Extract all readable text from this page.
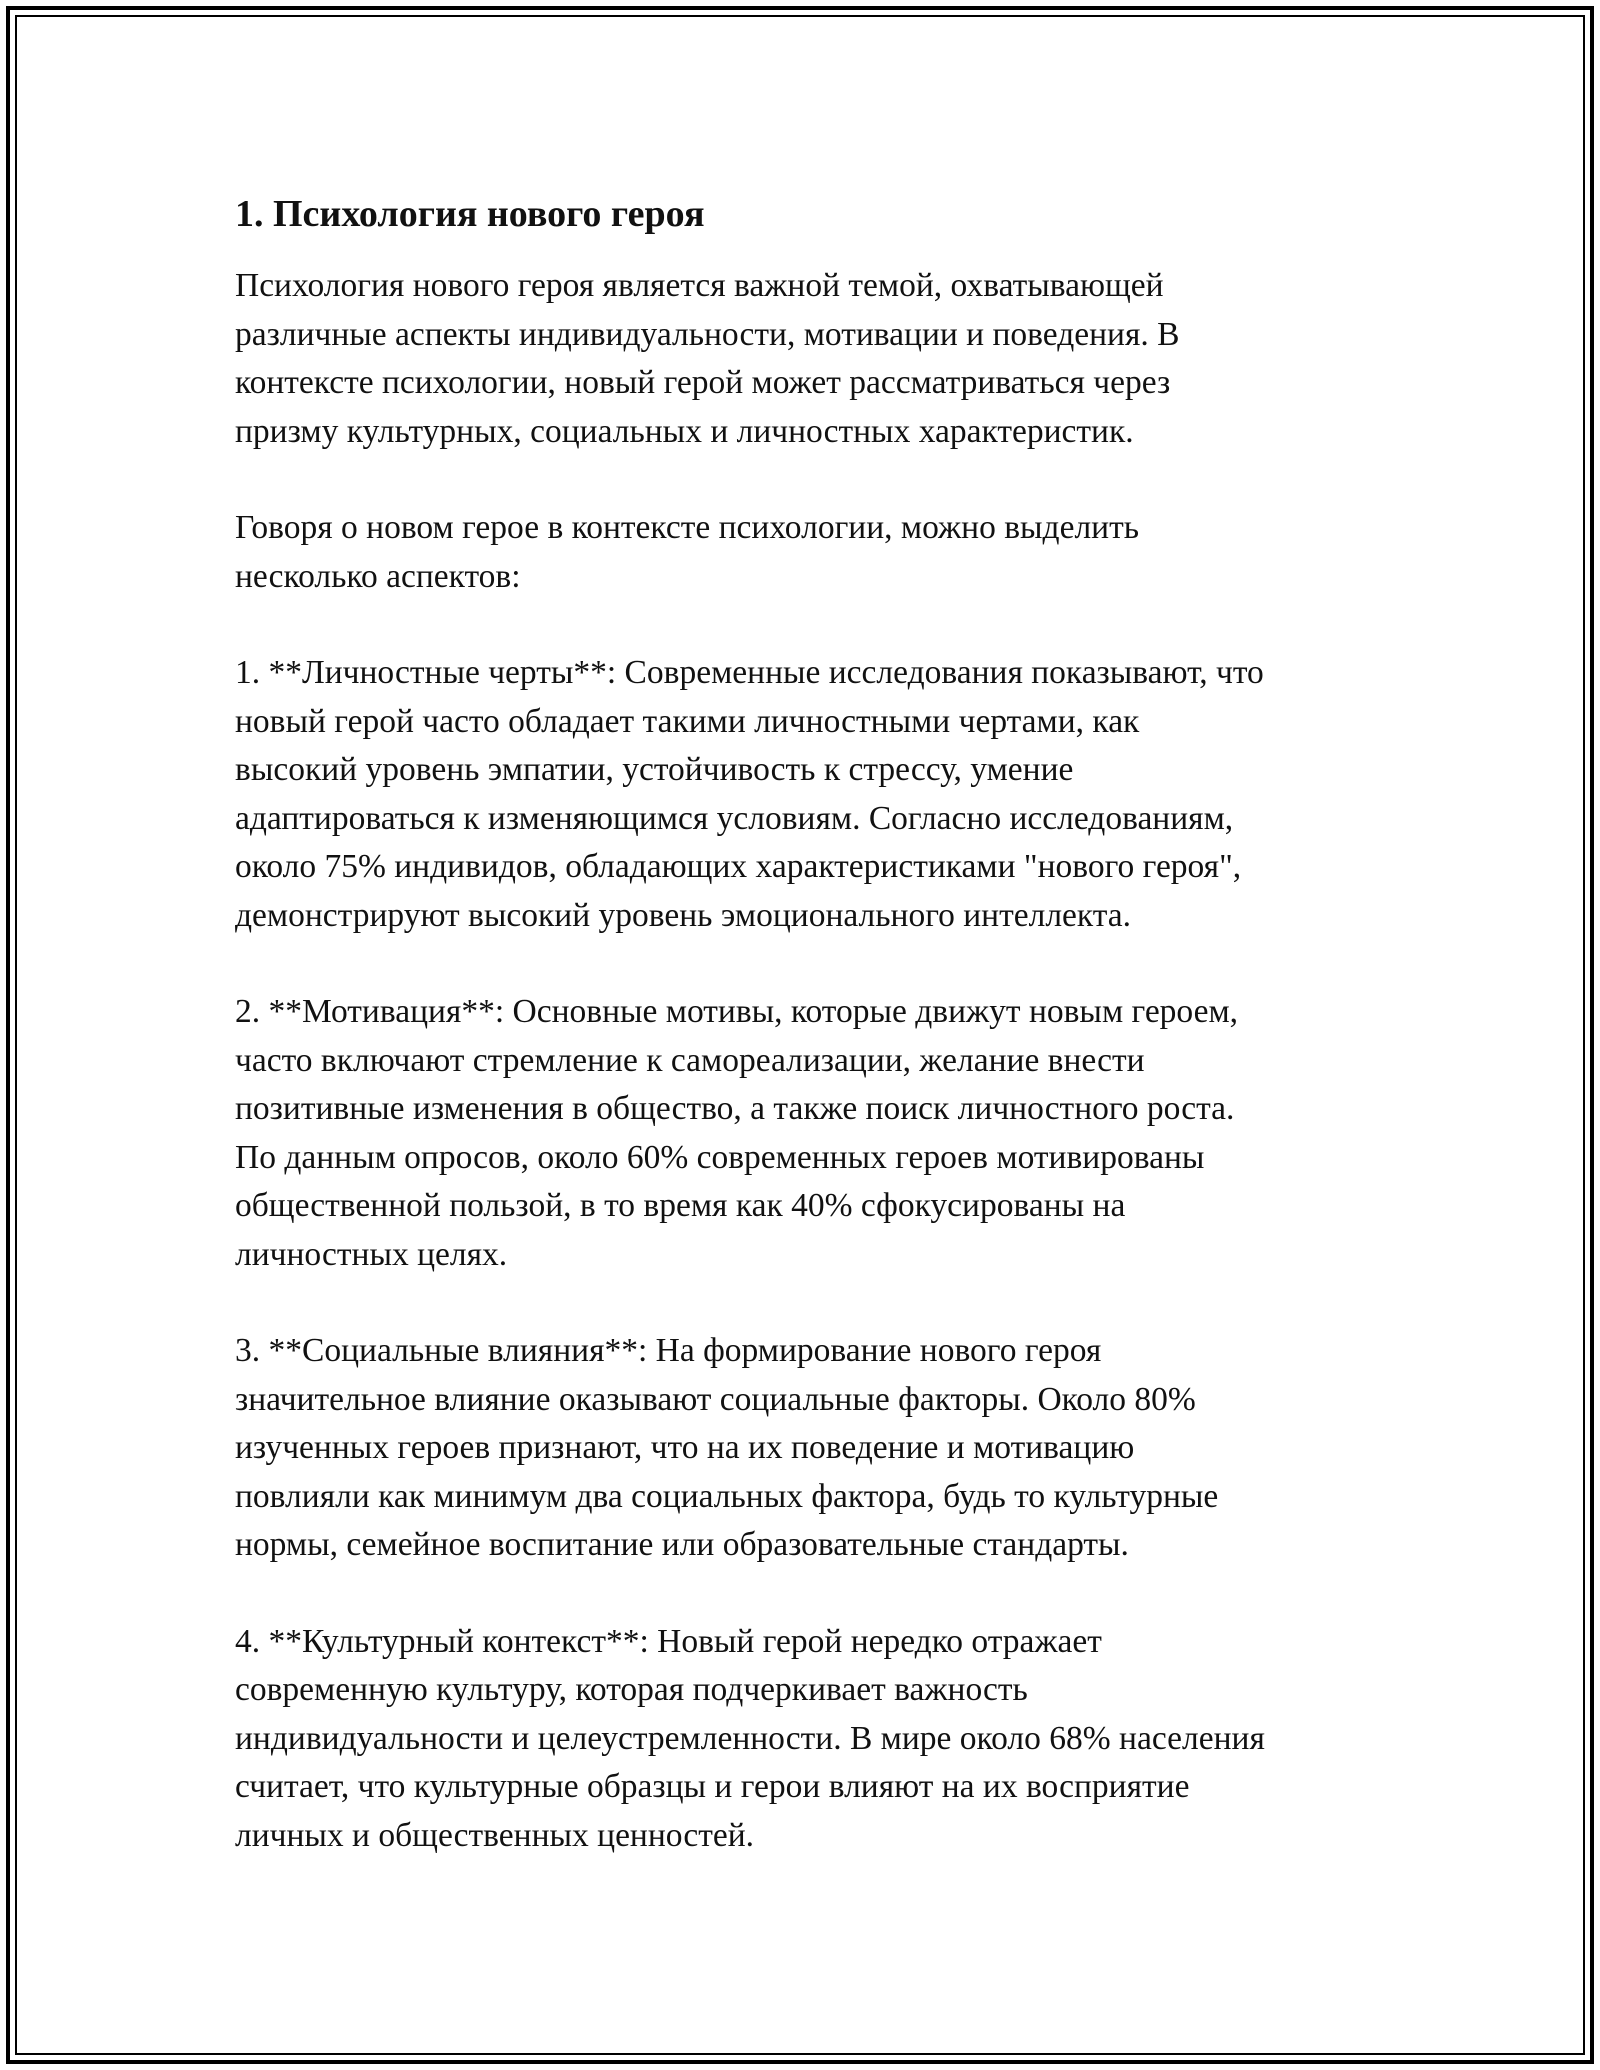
1. Психология нового героя

Психология нового героя является важной темой, охватывающей
различные аспекты индивидуальности, мотивации и поведения. В
контексте психологии, новый герой может рассматриваться через
призму культурных, социальных и личностных характеристик.

Говоря о новом герое в контексте психологии, можно выделить
несколько аспектов:

1. **Личностные черты**: Современные исследования показывают, что
новый герой часто обладает такими личностными чертами, как
высокий уровень эмпатии, устойчивость к стрессу, умение
адаптироваться к изменяющимся условиям. Согласно исследованиям,
около 75% индивидов, обладающих характеристиками "нового героя",
демонстрируют высокий уровень эмоционального интеллекта.

2. **Мотивация**: Основные мотивы, которые движут новым героем,
часто включают стремление к самореализации, желание внести
позитивные изменения в общество, а также поиск личностного роста.
По данным опросов, около 60% современных героев мотивированы
общественной пользой, в то время как 40% сфокусированы на
личностных целях.

3. **Социальные влияния**: На формирование нового героя
значительное влияние оказывают социальные факторы. Около 80%
изученных героев признают, что на их поведение и мотивацию
повлияли как минимум два социальных фактора, будь то культурные
нормы, семейное воспитание или образовательные стандарты.

4. **Культурный контекст**: Новый герой нередко отражает
современную культуру, которая подчеркивает важность
индивидуальности и целеустремленности. В мире около 68% населения
считает, что культурные образцы и герои влияют на их восприятие
личных и общественных ценностей.
